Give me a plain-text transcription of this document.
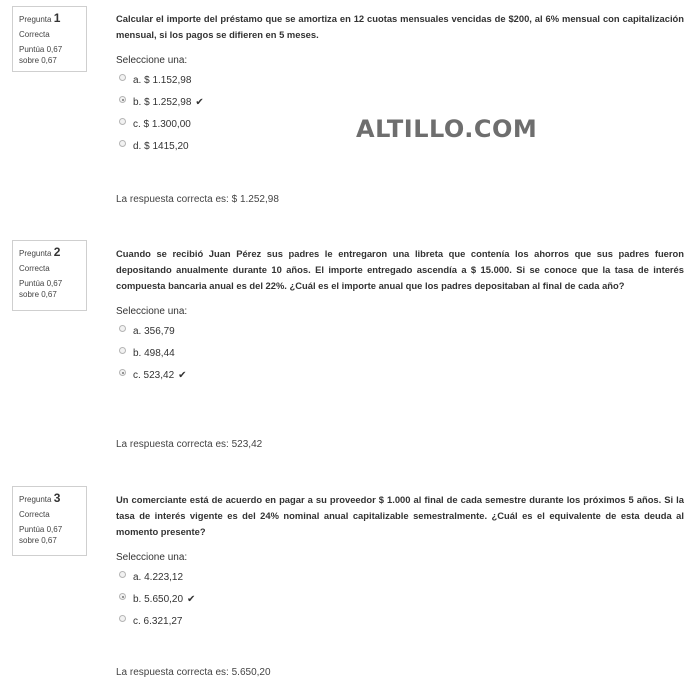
Pregunta 1
Correcta
Puntúa 0,67
sobre 0,67

Calcular el importe del préstamo que se amortiza en 12 cuotas mensuales vencidas de $200, al 6% mensual con capitalización mensual, si los pagos se difieren en 5 meses.

Seleccione una:
a. $ 1.152,98
b. $ 1.252,98 ✔
c. $ 1.300,00
d. $ 1415,20
La respuesta correcta es: $ 1.252,98
Pregunta 2
Correcta
Puntúa 0,67
sobre 0,67

Cuando se recibió Juan Pérez sus padres le entregaron una libreta que contenía los ahorros que sus padres fueron depositando anualmente durante 10 años. El importe entregado ascendía a $ 15.000. Si se conoce que la tasa de interés compuesta bancaria anual es del 22%. ¿Cuál es el importe anual que los padres depositaban al final de cada año?

Seleccione una:
a. 356,79
b. 498,44
c. 523,42 ✔
La respuesta correcta es: 523,42
Pregunta 3
Correcta
Puntúa 0,67
sobre 0,67

Un comerciante está de acuerdo en pagar a su proveedor $ 1.000 al final de cada semestre durante los próximos 5 años. Si la tasa de interés vigente es del 24% nominal anual capitalizable semestralmente. ¿Cuál es el equivalente de esta deuda al momento presente?

Seleccione una:
a. 4.223,12
b. 5.650,20 ✔
c. 6.321,27
La respuesta correcta es: 5.650,20
ALTILLO.COM
